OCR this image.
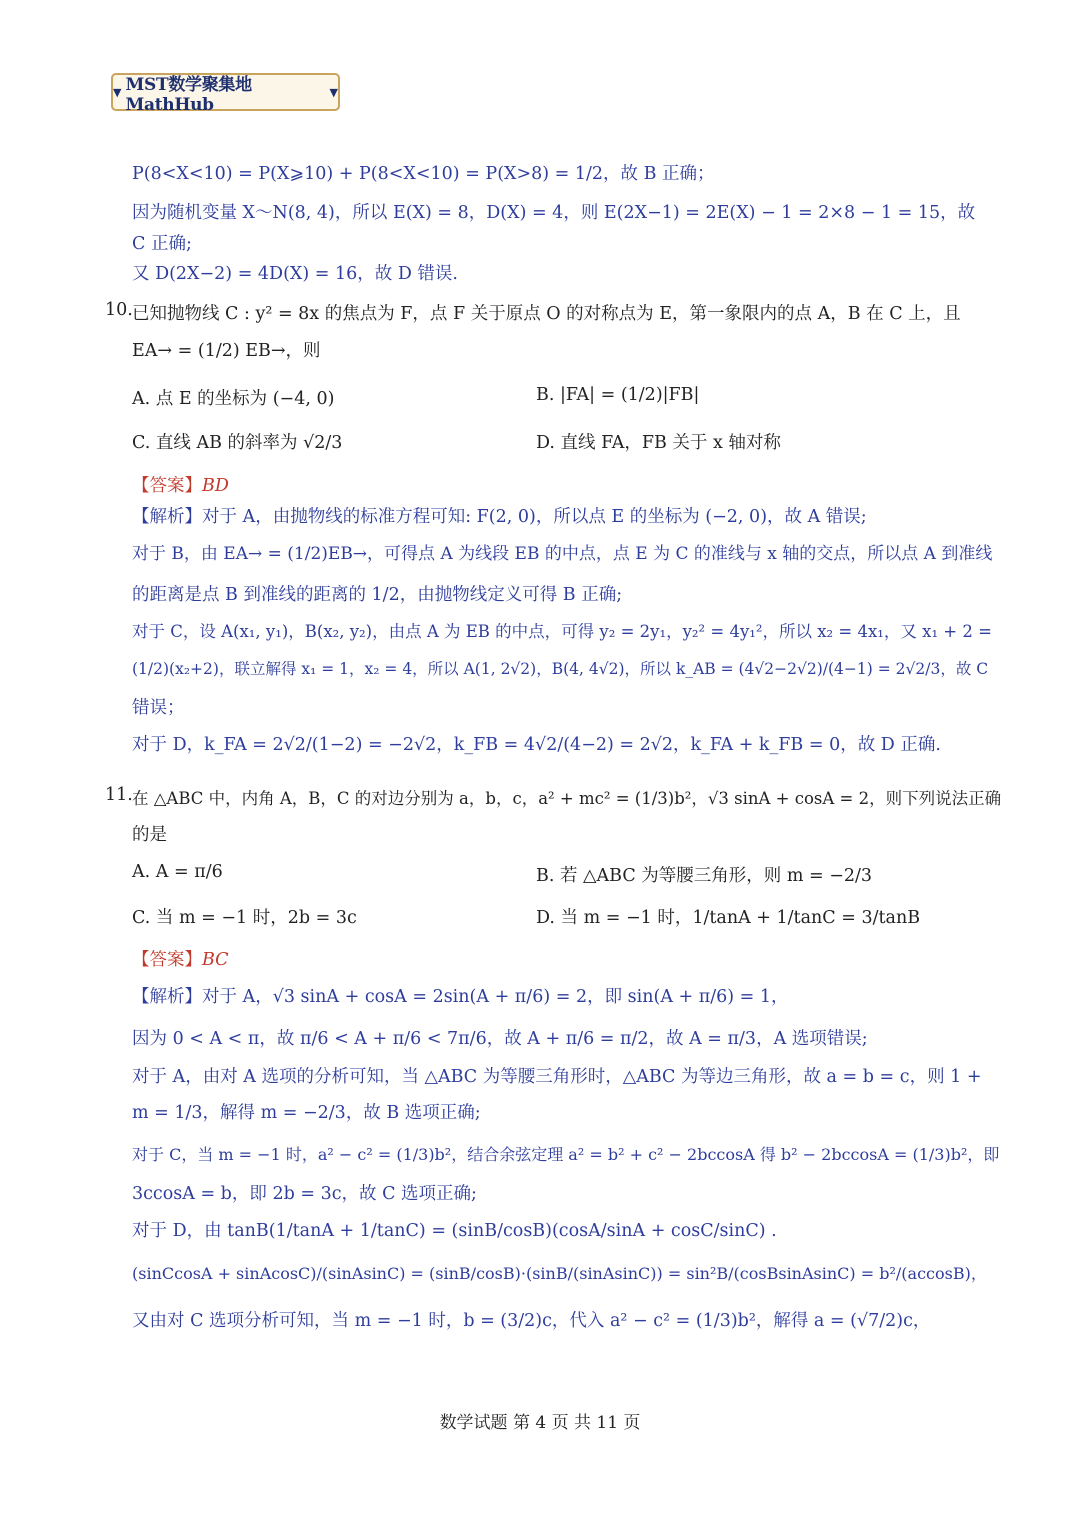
▼ MST数学聚集地MathHub
▼
P(8<X<10) = P(X⩾10) + P(8<X<10) = P(X>8) = 1/2，故 B 正确；
因为随机变量 X～N(8, 4)，所以 E(X) = 8，D(X) = 4，则 E(2X−1) = 2E(X) − 1 = 2×8 − 1 = 15，故
C 正确;
又 D(2X−2) = 4D(X) = 16，故 D 错误.
10. 已知抛物线 C : y² = 8x 的焦点为 F，点 F 关于原点 O 的对称点为 E，第一象限内的点 A，B 在 C 上，且
EA→ = (1/2) EB→，则
A. 点 E 的坐标为 (−4, 0)	B. |FA| = (1/2)|FB|
C. 直线 AB 的斜率为 √2/3	D. 直线 FA，FB 关于 x 轴对称
【答案】BD
【解析】对于 A，由抛物线的标准方程可知: F(2, 0)，所以点 E 的坐标为 (−2, 0)，故 A 错误;
对于 B，由 EA→ = (1/2)EB→，可得点 A 为线段 EB 的中点，点 E 为 C 的准线与 x 轴的交点，所以点 A 到准线
的距离是点 B 到准线的距离的 1/2，由抛物线定义可得 B 正确;
对于 C，设 A(x₁, y₁)，B(x₂, y₂)，由点 A 为 EB 的中点，可得 y₂ = 2y₁，y₂² = 4y₁²，所以 x₂ = 4x₁，又 x₁ + 2 =
(1/2)(x₂+2)，联立解得 x₁ = 1，x₂ = 4，所以 A(1, 2√2)，B(4, 4√2)，所以 k_AB = (4√2−2√2)/(4−1) = 2√2/3，故 C
错误；
对于 D，k_FA = 2√2/(1−2) = −2√2，k_FB = 4√2/(4−2) = 2√2，k_FA + k_FB = 0，故 D 正确.
11. 在 △ABC 中，内角 A，B，C 的对边分别为 a，b，c，a² + mc² = (1/3)b²，√3 sinA + cosA = 2，则下列说法正确
的是
A. A = π/6	B. 若 △ABC 为等腰三角形，则 m = −2/3
C. 当 m = −1 时，2b = 3c	D. 当 m = −1 时，1/tanA + 1/tanC = 3/tanB
【答案】BC
【解析】对于 A，√3 sinA + cosA = 2sin(A + π/6) = 2，即 sin(A + π/6) = 1，
因为 0 < A < π，故 π/6 < A + π/6 < 7π/6，故 A + π/6 = π/2，故 A = π/3，A 选项错误;
对于 A，由对 A 选项的分析可知，当 △ABC 为等腰三角形时，△ABC 为等边三角形，故 a = b = c，则 1 +
m = 1/3，解得 m = −2/3，故 B 选项正确;
对于 C，当 m = −1 时，a² − c² = (1/3)b²，结合余弦定理 a² = b² + c² − 2bccosA 得 b² − 2bccosA = (1/3)b²，即
3ccosA = b，即 2b = 3c，故 C 选项正确;
对于 D，由 tanB(1/tanA + 1/tanC) = (sinB/cosB)(cosA/sinA + cosC/sinC) .
(sinCcosA + sinAcosC)/(sinAsinC) = (sinB/cosB)·(sinB/(sinAsinC)) = sin²B/(cosBsinAsinC) = b²/(accosB)，
又由对 C 选项分析可知，当 m = −1 时，b = (3/2)c，代入 a² − c² = (1/3)b²，解得 a = (√7/2)c，
数学试题 第 4 页 共 11 页
